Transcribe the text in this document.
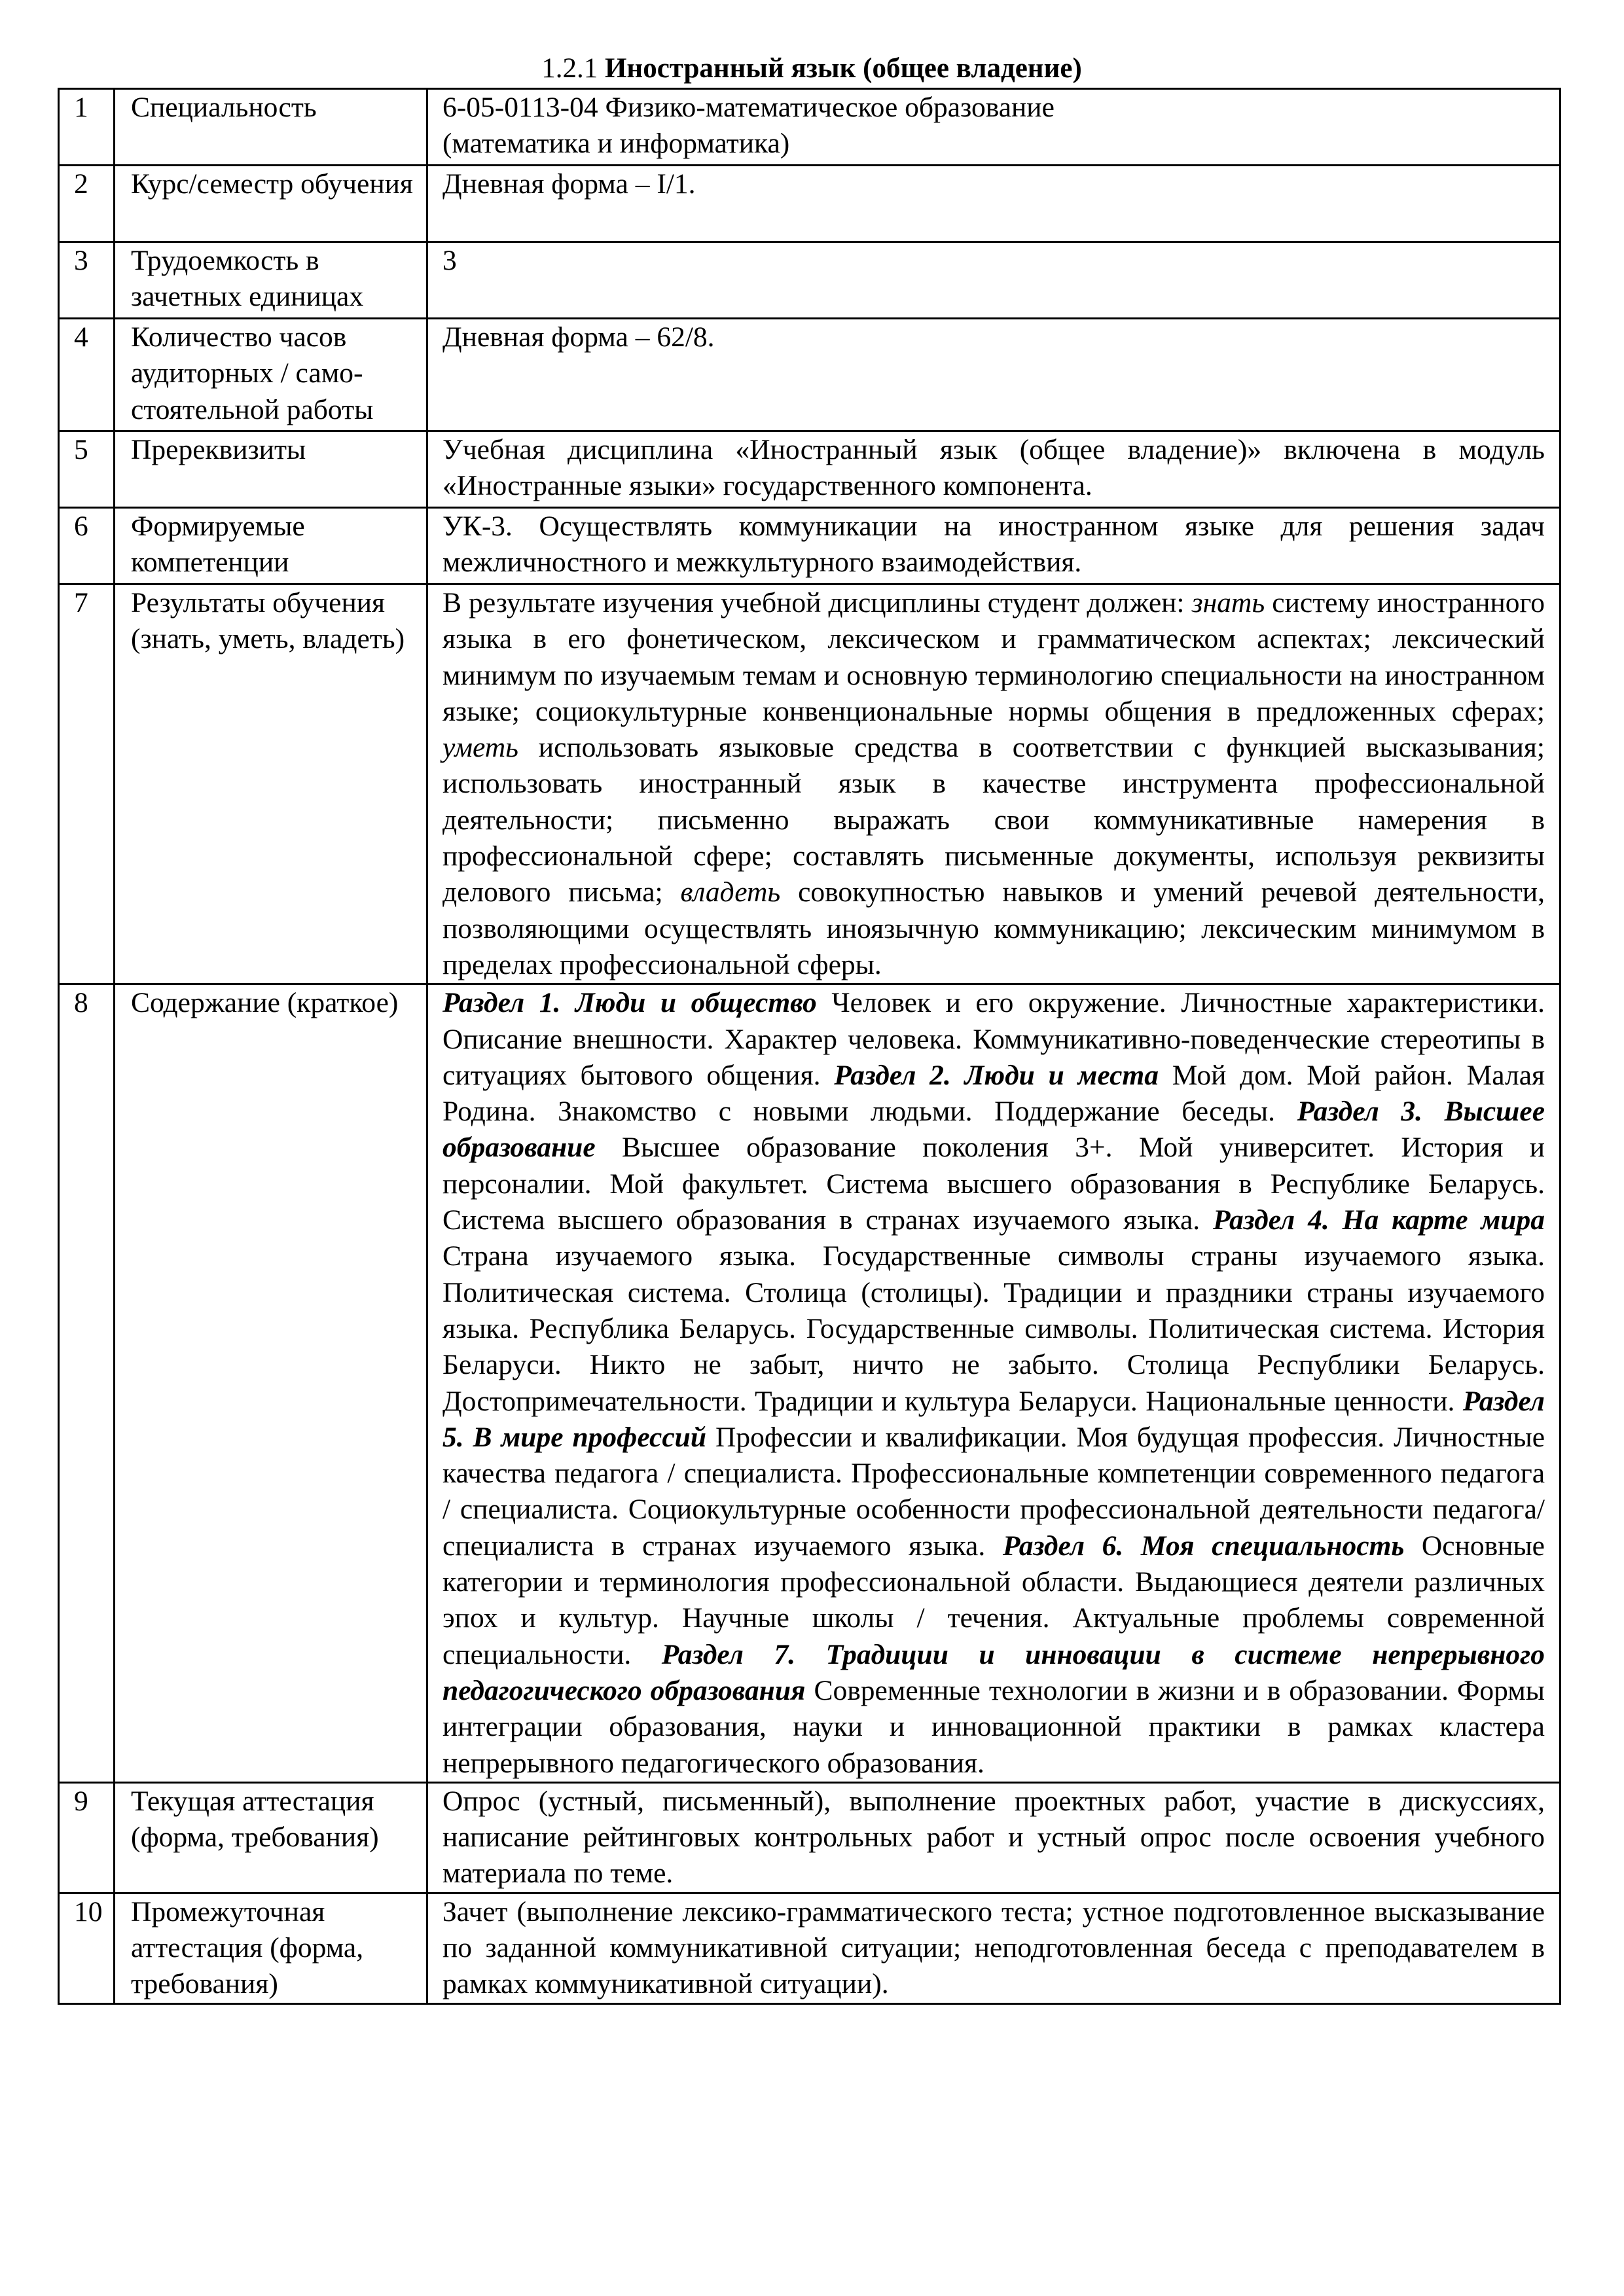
1.2.1 Иностранный язык (общее владение)
1	Специальность	6-05-0113-04 Физико-математическое образование
(математика и информатика)

2	Курс/семестр обучения	Дневная форма – I/1.
3	Трудоемкость в зачетных единицах	3
4	Количество часов аудиторных / само-стоятельной работы	Дневная форма – 62/8.
5	Пререквизиты	Учебная дисциплина «Иностранный язык (общее владение)» включена в модуль «Иностранные языки» государственного компонента.
6	Формируемые компетенции	УК-3. Осуществлять коммуникации на иностранном языке для решения задач межличностного и межкультурного взаимодействия.
7	Результаты обучения (знать, уметь, владеть)	В результате изучения учебной дисциплины студент должен: знать систему иностранного языка в его фонетическом, лексическом и грамматическом аспектах; лексический минимум по изучаемым темам и основную терминологию специальности на иностранном языке; социокультурные конвенциональные нормы общения в предложенных сферах; уметь использовать языковые средства в соответствии с функцией высказывания; использовать иностранный язык в качестве инструмента профессиональной деятельности; письменно выражать свои коммуникативные намерения в профессиональной сфере; составлять письменные документы, используя реквизиты делового письма; владеть совокупностью навыков и умений речевой деятельности, позволяющими осуществлять иноязычную коммуникацию; лексическим минимумом в пределах профессиональной сферы.
8	Содержание (краткое)	Раздел 1. Люди и общество Человек и его окружение. Личностные характеристики. Описание внешности. Характер человека. Коммуникативно-поведенческие стереотипы в ситуациях бытового общения. Раздел 2. Люди и места Мой дом. Мой район. Малая Родина. Знакомство с новыми людьми. Поддержание беседы. Раздел 3. Высшее образование Высшее образование поколения 3+. Мой университет. История и персоналии. Мой факультет. Система высшего образования в Республике Беларусь. Система высшего образования в странах изучаемого языка. Раздел 4. На карте мира Страна изучаемого языка. Государственные символы страны изучаемого языка. Политическая система. Столица (столицы). Традиции и праздники страны изучаемого языка. Республика Беларусь. Государственные символы. Политическая система. История Беларуси. Никто не забыт, ничто не забыто. Столица Республики Беларусь. Достопримечательности. Традиции и культура Беларуси. Национальные ценности. Раздел 5. В мире профессий Профессии и квалификации. Моя будущая профессия. Личностные качества педагога / специалиста. Профессиональные компетенции современного педагога / специалиста. Социокультурные особенности профессиональной деятельности педагога/специалиста в странах изучаемого языка. Раздел 6. Моя специальность Основные категории и терминология профессиональной области. Выдающиеся деятели различных эпох и культур. Научные школы / течения. Актуальные проблемы современной специальности. Раздел 7. Традиции и инновации в системе непрерывного педагогического образования Современные технологии в жизни и в образовании. Формы интеграции образования, науки и инновационной практики в рамках кластера непрерывного педагогического образования.
9	Текущая аттестация (форма, требования)	Опрос (устный, письменный), выполнение проектных работ, участие в дискуссиях, написание рейтинговых контрольных работ и устный опрос после освоения учебного материала по теме.
10	Промежуточная аттестация (форма, требования)	Зачет (выполнение лексико-грамматического теста; устное подготовленное высказывание по заданной коммуникативной ситуации; неподготовленная беседа с преподавателем в рамках коммуникативной ситуации).
